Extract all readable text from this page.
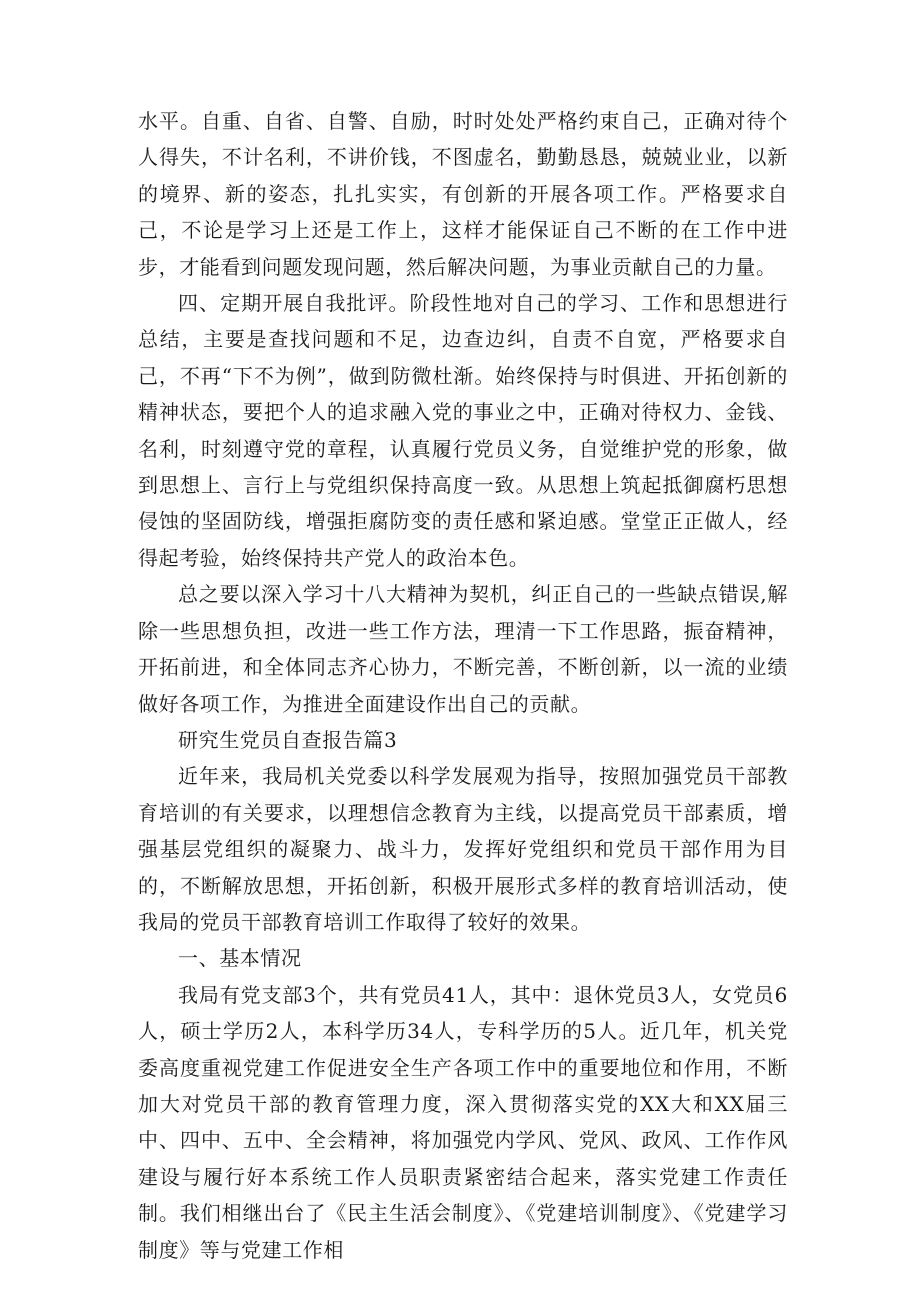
水平。自重、自省、自警、自励，时时处处严格约束自己，正确对待个人得失，不计名利，不讲价钱，不图虚名，勤勤恳恳，兢兢业业，以新的境界、新的姿态，扎扎实实，有创新的开展各项工作。严格要求自己，不论是学习上还是工作上，这样才能保证自己不断的在工作中进步，才能看到问题发现问题，然后解决问题，为事业贡献自己的力量。

四、定期开展自我批评。阶段性地对自己的学习、工作和思想进行总结，主要是查找问题和不足，边查边纠，自责不自宽，严格要求自己，不再“下不为例”，做到防微杜渐。始终保持与时俱进、开拓创新的精神状态，要把个人的追求融入党的事业之中，正确对待权力、金钱、名利，时刻遵守党的章程，认真履行党员义务，自觉维护党的形象，做到思想上、言行上与党组织保持高度一致。从思想上筑起抵御腐朽思想侵蚀的坚固防线，增强拒腐防变的责任感和紧迫感。堂堂正正做人，经得起考验，始终保持共产党人的政治本色。

总之要以深入学习十八大精神为契机，纠正自己的一些缺点错误,解除一些思想负担，改进一些工作方法，理清一下工作思路，振奋精神，开拓前进，和全体同志齐心协力，不断完善，不断创新，以一流的业绩做好各项工作，为推进全面建设作出自己的贡献。

研究生党员自查报告篇3

近年来，我局机关党委以科学发展观为指导，按照加强党员干部教育培训的有关要求，以理想信念教育为主线，以提高党员干部素质，增强基层党组织的凝聚力、战斗力，发挥好党组织和党员干部作用为目的，不断解放思想，开拓创新，积极开展形式多样的教育培训活动，使我局的党员干部教育培训工作取得了较好的效果。

一、基本情况

我局有党支部3个，共有党员41人，其中：退休党员3人，女党员6人，硕士学历2人，本科学历34人，专科学历的5人。近几年，机关党委高度重视党建工作促进安全生产各项工作中的重要地位和作用，不断加大对党员干部的教育管理力度，深入贯彻落实党的XX大和XX届三中、四中、五中、全会精神，将加强党内学风、党风、政风、工作作风建设与履行好本系统工作人员职责紧密结合起来，落实党建工作责任制。我们相继出台了《民主生活会制度》、《党建培训制度》、《党建学习制度》等与党建工作相
